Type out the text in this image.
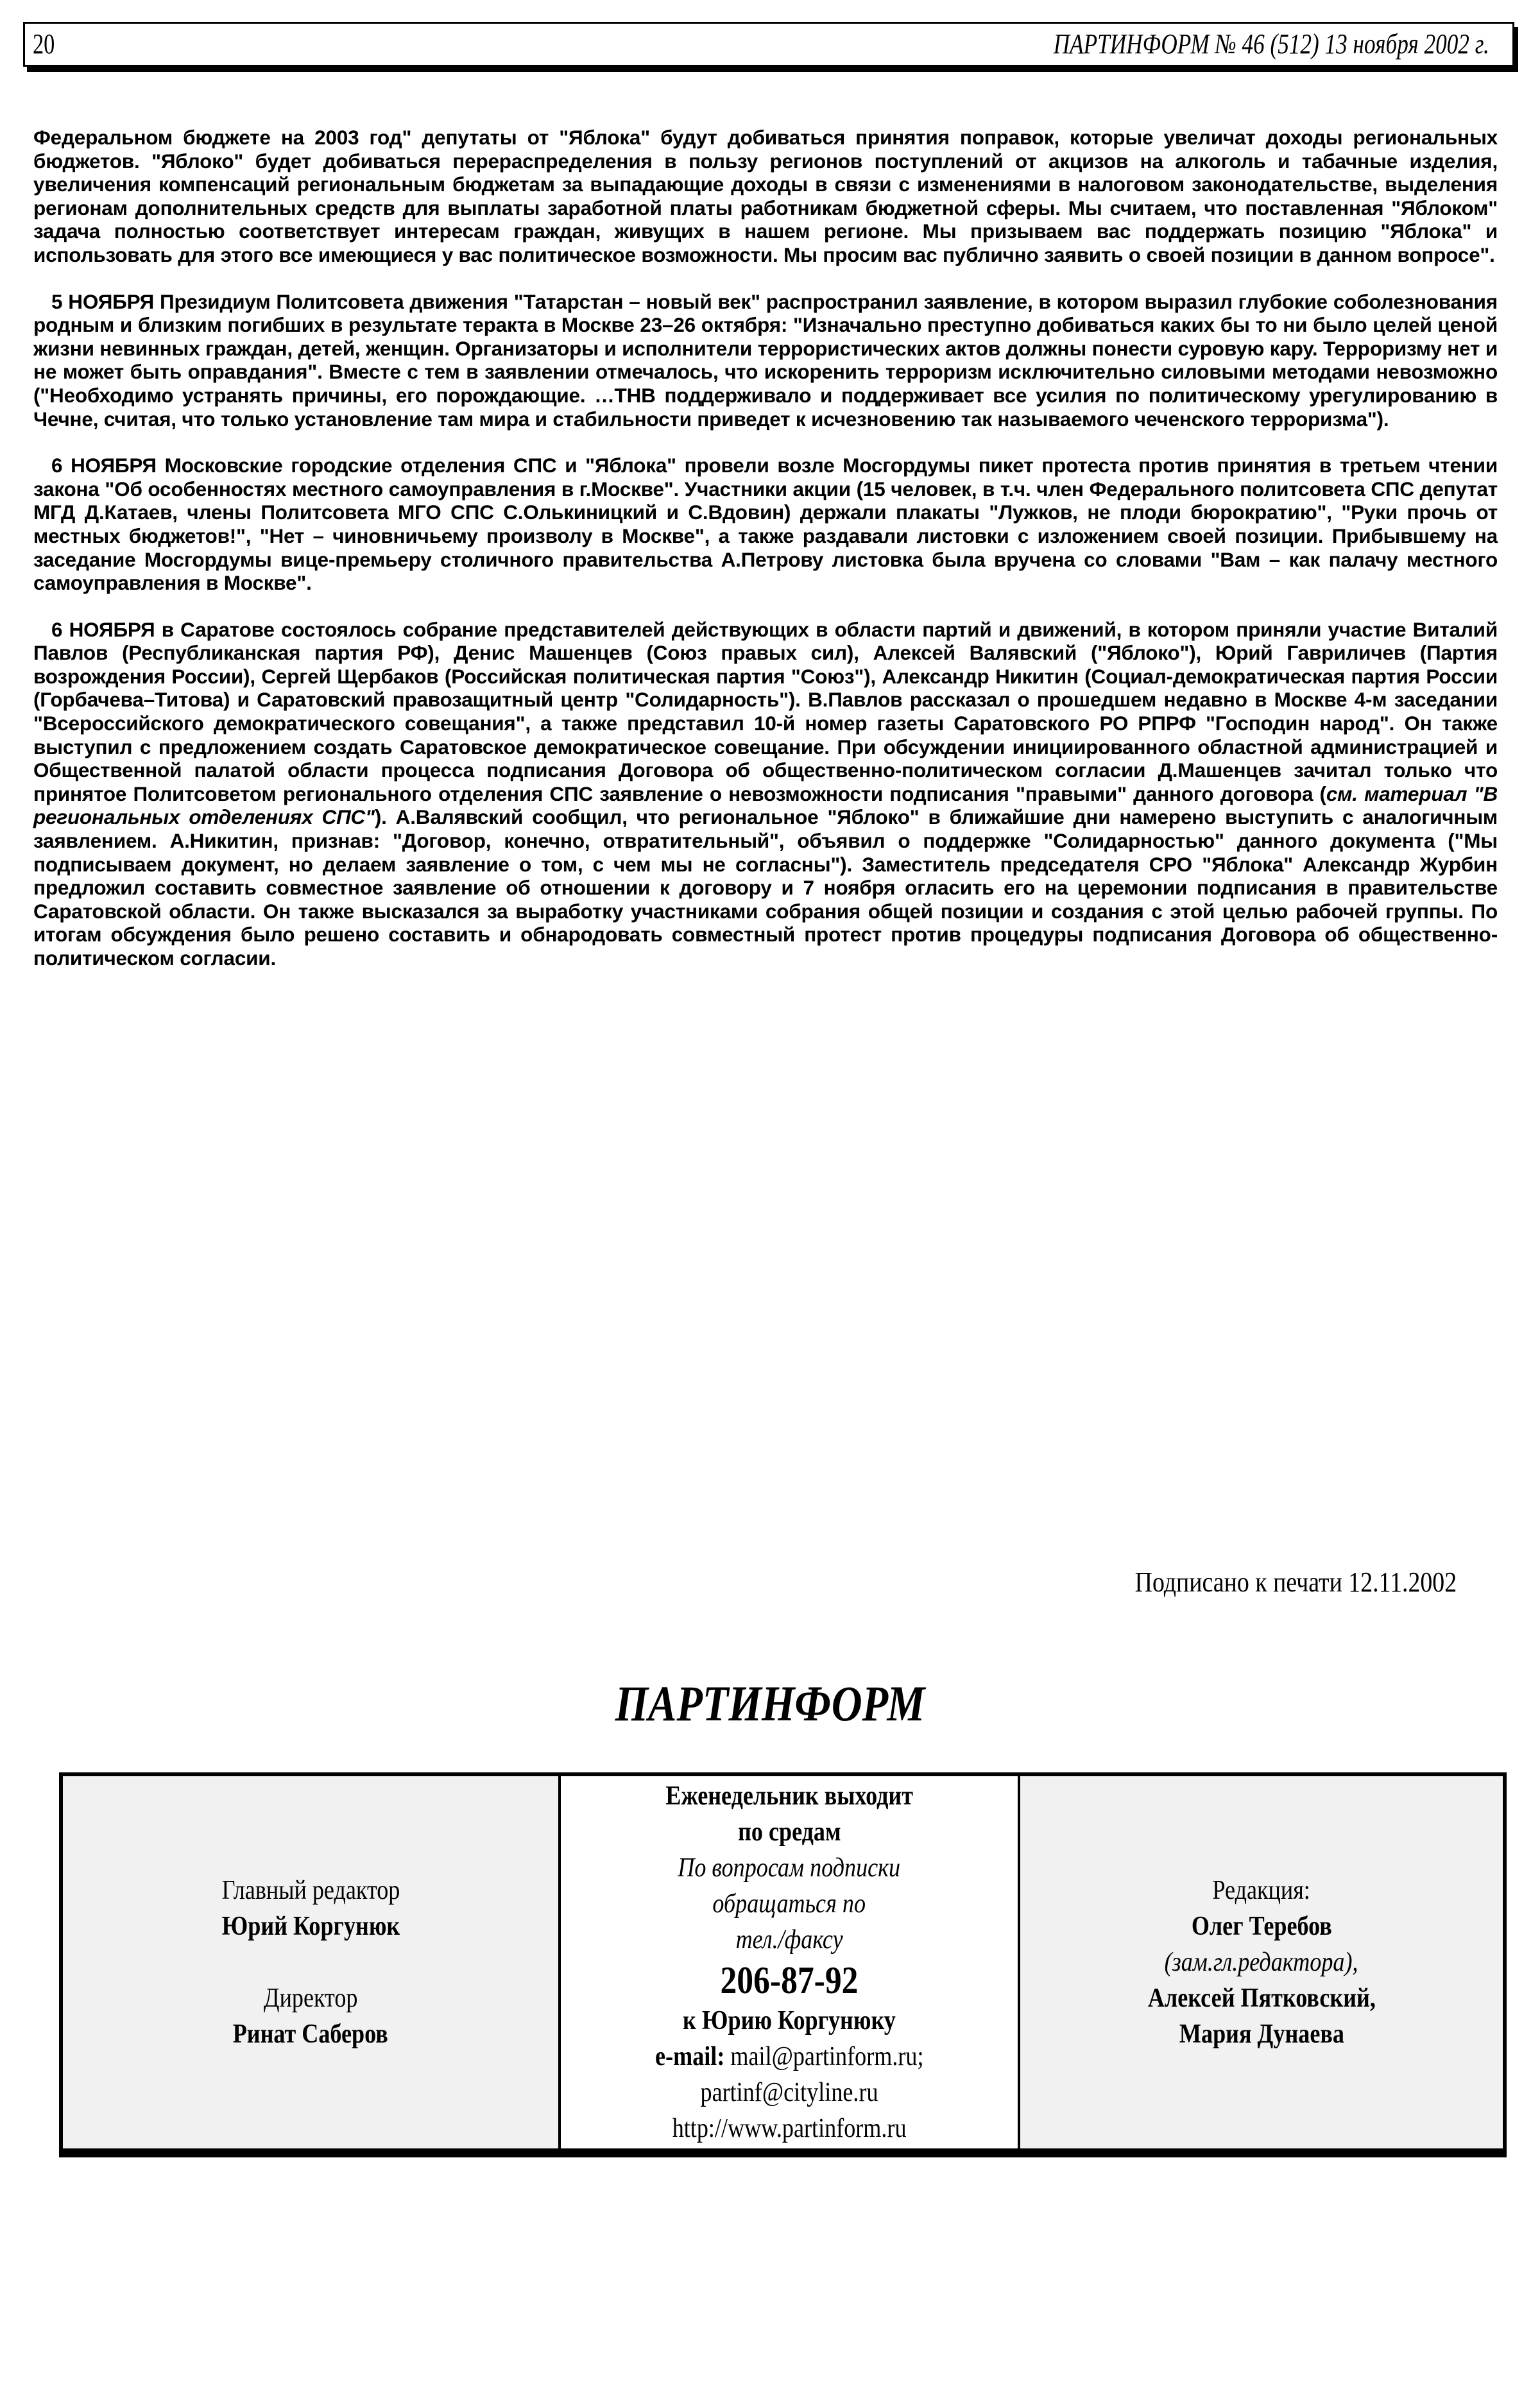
20	ПАРТИНФОРМ № 46 (512) 13 ноября 2002 г.

Федеральном бюджете на 2003 год" депутаты от "Яблока" будут добиваться принятия поправок, которые увеличат доходы региональных бюджетов. "Яблоко" будет добиваться перераспределения в пользу регионов поступлений от акцизов на алкоголь и табачные изделия, увеличения компенсаций региональным бюджетам за выпадающие доходы в связи с изменениями в налоговом законодательстве, выделения регионам дополнительных средств для выплаты заработной платы работникам бюджетной сферы. Мы считаем, что поставленная "Яблоком" задача полностью соответствует интересам граждан, живущих в нашем регионе. Мы призываем вас поддержать позицию "Яблока" и использовать для этого все имеющиеся у вас политическое возможности. Мы просим вас публично заявить о своей позиции в данном вопросе".

5 НОЯБРЯ Президиум Политсовета движения "Татарстан – новый век" распространил заявление, в котором выразил глубокие соболезнования родным и близким погибших в результате теракта в Москве 23–26 октября: "Изначально преступно добиваться каких бы то ни было целей ценой жизни невинных граждан, детей, женщин. Организаторы и исполнители террористических актов должны понести суровую кару. Терроризму нет и не может быть оправдания". Вместе с тем в заявлении отмечалось, что искоренить терроризм исключительно силовыми методами невозможно ("Необходимо устранять причины, его порождающие. …ТНВ поддерживало и поддерживает все усилия по политическому урегулированию в Чечне, считая, что только установление там мира и стабильности приведет к исчезновению так называемого чеченского терроризма").

6 НОЯБРЯ Московские городские отделения СПС и "Яблока" провели возле Мосгордумы пикет протеста против принятия в третьем чтении закона "Об особенностях местного самоуправления в г.Москве". Участники акции (15 человек, в т.ч. член Федерального политсовета СПС депутат МГД Д.Катаев, члены Политсовета МГО СПС С.Олькиницкий и С.Вдовин) держали плакаты "Лужков, не плоди бюрократию", "Руки прочь от местных бюджетов!", "Нет – чиновничьему произволу в Москве", а также раздавали листовки с изложением своей позиции. Прибывшему на заседание Мосгордумы вице-премьеру столичного правительства А.Петрову листовка была вручена со словами "Вам – как палачу местного самоуправления в Москве".

6 НОЯБРЯ в Саратове состоялось собрание представителей действующих в области партий и движений, в котором приняли участие Виталий Павлов (Республиканская партия РФ), Денис Машенцев (Союз правых сил), Алексей Валявский ("Яблоко"), Юрий Гавриличев (Партия возрождения России), Сергей Щербаков (Российская политическая партия "Союз"), Александр Никитин (Социал-демократическая партия России (Горбачева–Титова) и Саратовский правозащитный центр "Солидарность"). В.Павлов рассказал о прошедшем недавно в Москве 4-м заседании "Всероссийского демократического совещания", а также представил 10-й номер газеты Саратовского РО РПРФ "Господин народ". Он также выступил с предложением создать Саратовское демократическое совещание. При обсуждении инициированного областной администрацией и Общественной палатой области процесса подписания Договора об общественно-политическом согласии Д.Машенцев зачитал только что принятое Политсоветом регионального отделения СПС заявление о невозможности подписания "правыми" данного договора (см. материал "В региональных отделениях СПС"). А.Валявский сообщил, что региональное "Яблоко" в ближайшие дни намерено выступить с аналогичным заявлением. А.Никитин, признав: "Договор, конечно, отвратительный", объявил о поддержке "Солидарностью" данного документа ("Мы подписываем документ, но делаем заявление о том, с чем мы не согласны"). Заместитель председателя СРО "Яблока" Александр Журбин предложил составить совместное заявление об отношении к договору и 7 ноября огласить его на церемонии подписания в правительстве Саратовской области. Он также высказался за выработку участниками собрания общей позиции и создания с этой целью рабочей группы. По итогам обсуждения было решено составить и обнародовать совместный протест против процедуры подписания Договора об общественно-политическом согласии.

Подписано к печати 12.11.2002
ПАРТИНФОРМ
Главный редактор
Юрий Коргунюк
Директор
Ринат Саберов
Еженедельник выходит
по средам
По вопросам подписки
обращаться по
тел./факсу
206-87-92
к Юрию Коргунюку
e-mail: mail@partinform.ru;
partinf@cityline.ru
http://www.partinform.ru
Редакция:
Олег Теребов
(зам.гл.редактора),
Алексей Пятковский,
Мария Дунаева
